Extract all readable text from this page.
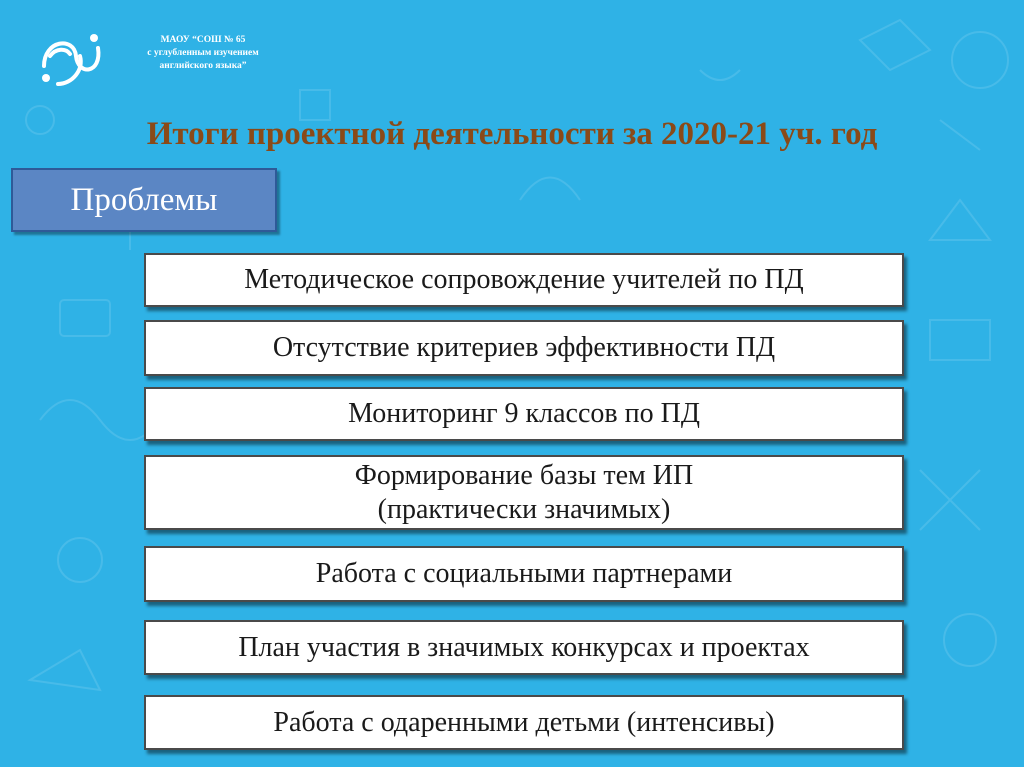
МАОУ “СОШ № 65
с углубленным изучением
английского языка”
Итоги проектной деятельности за 2020-21 уч. год
Проблемы
Методическое сопровождение учителей по ПД
Отсутствие критериев эффективности ПД
Мониторинг 9 классов по ПД
Формирование базы тем ИП
(практически значимых)
Работа с социальными партнерами
План участия в значимых конкурсах и проектах
Работа с одаренными детьми (интенсивы)
